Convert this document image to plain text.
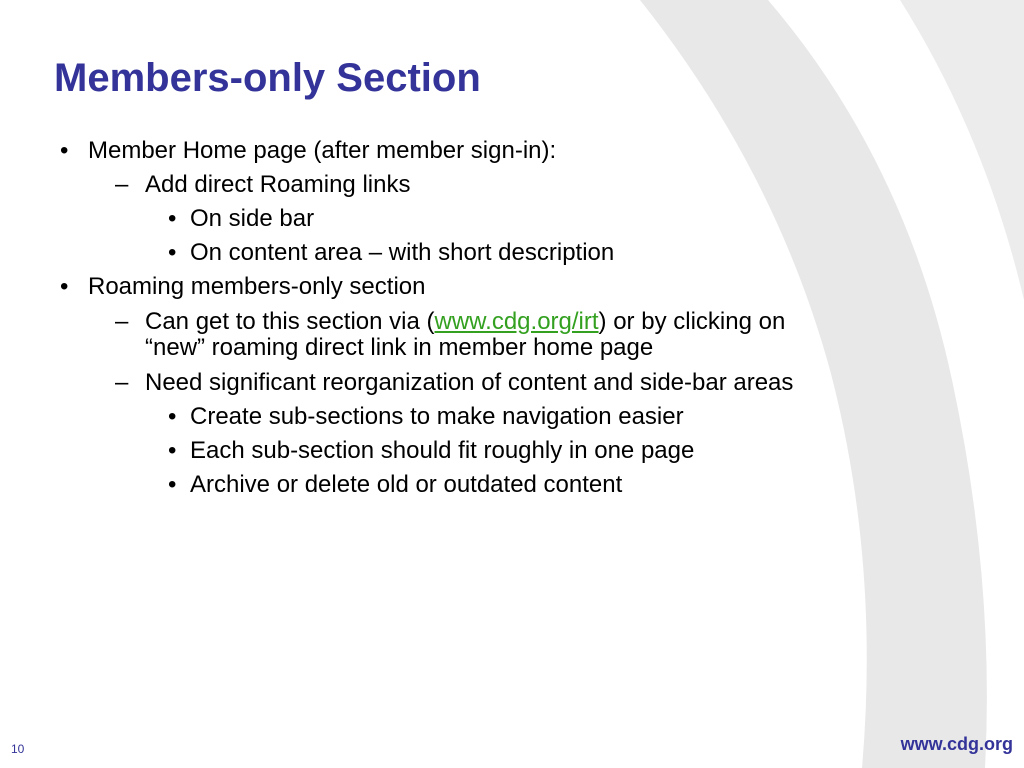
Members-only Section
• Member Home page (after member sign-in):
– Add direct Roaming links
• On side bar
• On content area – with short description
• Roaming members-only section
– Can get to this section via (www.cdg.org/irt) or by clicking on
“new” roaming direct link in member home page
– Need significant reorganization of content and side-bar areas
• Create sub-sections to make navigation easier
• Each sub-section should fit roughly in one page
• Archive or delete old or outdated content
10	www.cdg.org
